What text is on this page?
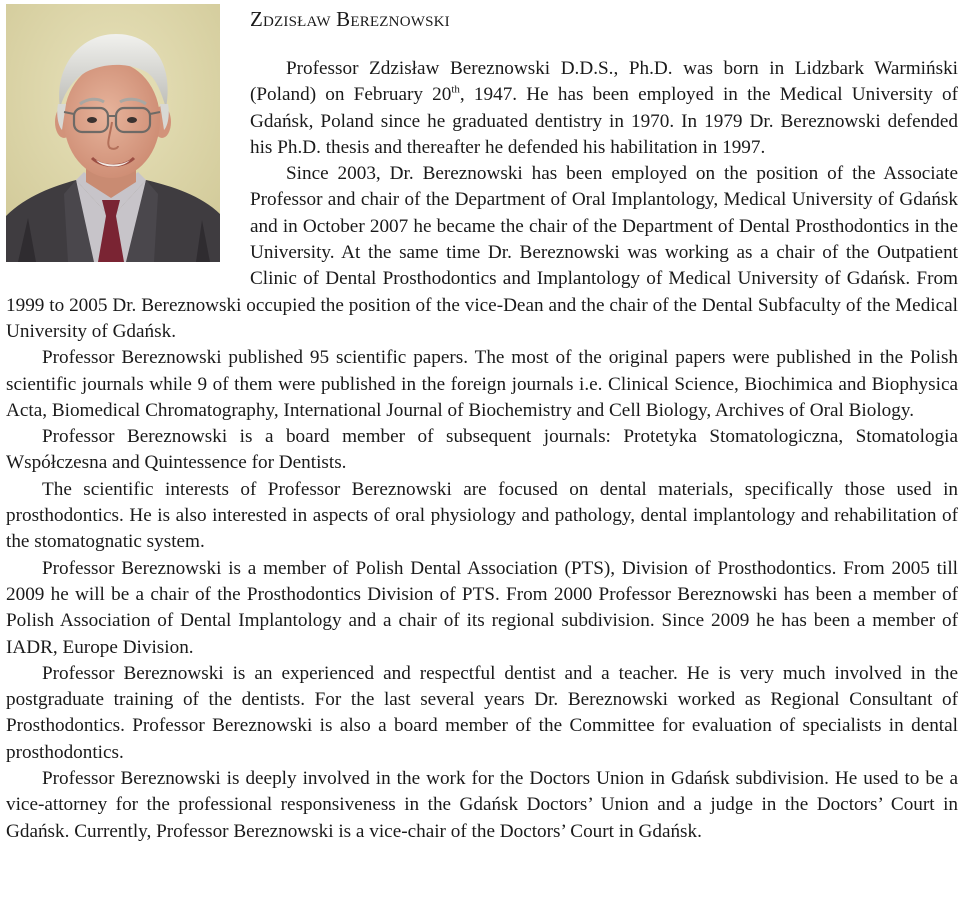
Zdzisław Bereznowski

Professor Zdzisław Bereznowski D.D.S., Ph.D. was born in Lidzbark Warmiński (Poland) on February 20th, 1947. He has been employed in the Medical University of Gdańsk, Poland since he graduated dentistry in 1970. In 1979 Dr. Bereznowski defended his Ph.D. thesis and thereafter he defended his habilitation in 1997.

Since 2003, Dr. Bereznowski has been employed on the position of the Associate Professor and chair of the Department of Oral Implantology, Medical University of Gdańsk and in October 2007 he became the chair of the Department of Dental Prosthodontics in the University. At the same time Dr. Bereznowski was working as a chair of the Outpatient Clinic of Dental Prosthodontics and Implantology of Medical University of Gdańsk. From 1999 to 2005 Dr. Bereznowski occupied the position of the vice-Dean and the chair of the Dental Subfaculty of the Medical University of Gdańsk.

Professor Bereznowski published 95 scientific papers. The most of the original papers were published in the Polish scientific journals while 9 of them were published in the foreign journals i.e. Clinical Science, Biochimica and Biophysica Acta, Biomedical Chromatography, International Journal of Biochemistry and Cell Biology, Archives of Oral Biology.

Professor Bereznowski is a board member of subsequent journals: Protetyka Stomatologiczna, Stomatologia Współczesna and Quintessence for Dentists.

The scientific interests of Professor Bereznowski are focused on dental materials, specifically those used in prosthodontics. He is also interested in aspects of oral physiology and pathology, dental implantology and rehabilitation of the stomatognatic system.

Professor Bereznowski is a member of Polish Dental Association (PTS), Division of Prosthodontics. From 2005 till 2009 he will be a chair of the Prosthodontics Division of PTS. From 2000 Professor Bereznowski has been a member of Polish Association of Dental Implantology and a chair of its regional subdivision. Since 2009 he has been a member of IADR, Europe Division.

Professor Bereznowski is an experienced and respectful dentist and a teacher. He is very much involved in the postgraduate training of the dentists. For the last several years Dr. Bereznowski worked as Regional Consultant of Prosthodontics. Professor Bereznowski is also a board member of the Committee for evaluation of specialists in dental prosthodontics.

Professor Bereznowski is deeply involved in the work for the Doctors Union in Gdańsk subdivision. He used to be a vice-attorney for the professional responsiveness in the Gdańsk Doctors’ Union and a judge in the Doctors’ Court in Gdańsk. Currently, Professor Bereznowski is a vice-chair of the Doctors’ Court in Gdańsk.
